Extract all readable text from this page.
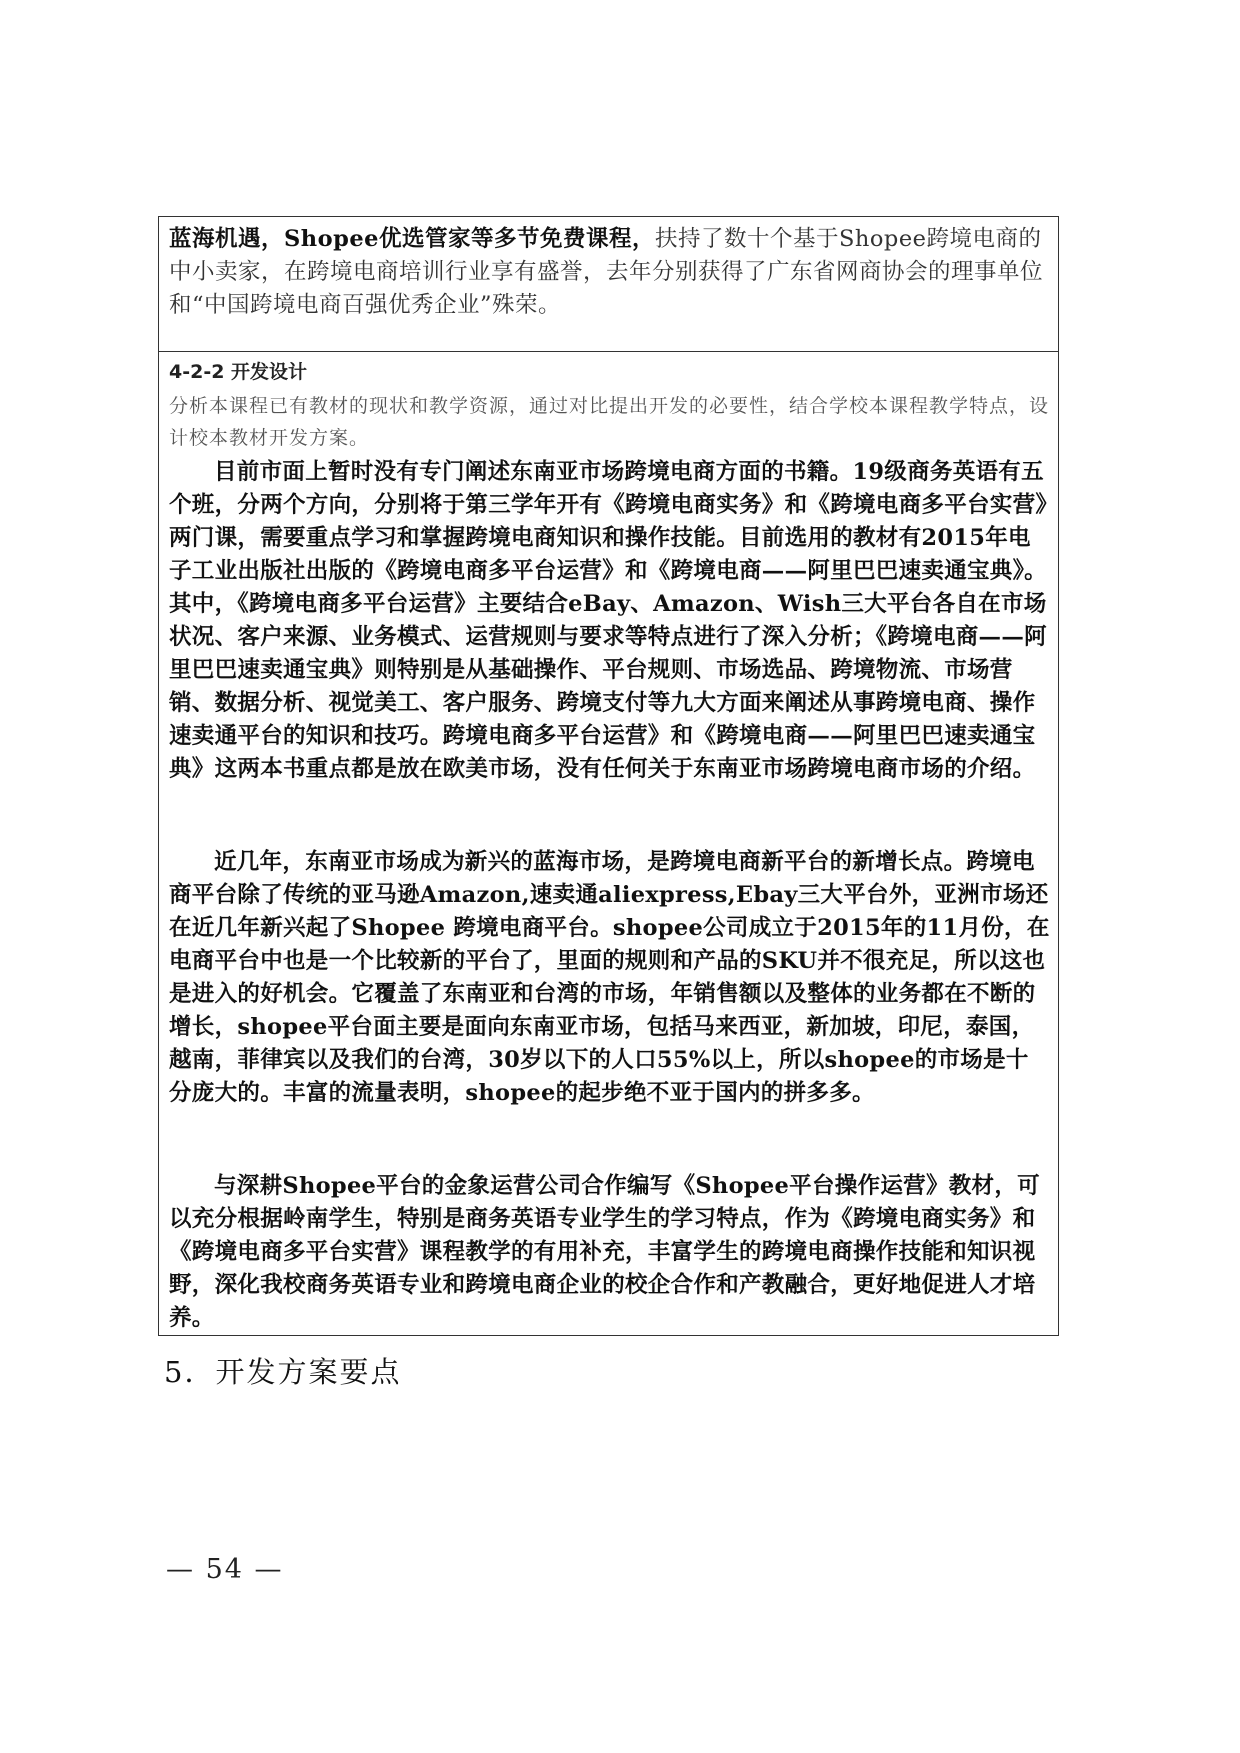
蓝海机遇，Shopee优选管家等多节免费课程，扶持了数十个基于Shopee跨境电商的中小卖家，在跨境电商培训行业享有盛誉，去年分别获得了广东省网商协会的理事单位和“中国跨境电商百强优秀企业”殊荣。
4-2-2 开发设计
分析本课程已有教材的现状和教学资源，通过对比提出开发的必要性，结合学校本课程教学特点，设计校本教材开发方案。
目前市面上暂时没有专门阐述东南亚市场跨境电商方面的书籍。19级商务英语有五个班，分两个方向，分别将于第三学年开有《跨境电商实务》和《跨境电商多平台实营》两门课，需要重点学习和掌握跨境电商知识和操作技能。目前选用的教材有2015年电子工业出版社出版的《跨境电商多平台运营》和《跨境电商——阿里巴巴速卖通宝典》。其中，《跨境电商多平台运营》主要结合eBay、Amazon、Wish三大平台各自在市场状况、客户来源、业务模式、运营规则与要求等特点进行了深入分析；《跨境电商——阿里巴巴速卖通宝典》则特别是从基础操作、平台规则、市场选品、跨境物流、市场营销、数据分析、视觉美工、客户服务、跨境支付等九大方面来阐述从事跨境电商、操作速卖通平台的知识和技巧。跨境电商多平台运营》和《跨境电商——阿里巴巴速卖通宝典》这两本书重点都是放在欧美市场，没有任何关于东南亚市场跨境电商市场的介绍。
近几年，东南亚市场成为新兴的蓝海市场，是跨境电商新平台的新增长点。跨境电商平台除了传统的亚马逊Amazon,速卖通aliexpress,Ebay三大平台外，亚洲市场还在近几年新兴起了Shopee 跨境电商平台。shopee公司成立于2015年的11月份，在电商平台中也是一个比较新的平台了，里面的规则和产品的SKU并不很充足，所以这也是进入的好机会。它覆盖了东南亚和台湾的市场，年销售额以及整体的业务都在不断的增长，shopee平台面主要是面向东南亚市场，包括马来西亚，新加坡，印尼，泰国，越南，菲律宾以及我们的台湾，30岁以下的人口55%以上，所以shopee的市场是十分庞大的。丰富的流量表明，shopee的起步绝不亚于国内的拼多多。
与深耕Shopee平台的金象运营公司合作编写《Shopee平台操作运营》教材，可以充分根据岭南学生，特别是商务英语专业学生的学习特点，作为《跨境电商实务》和《跨境电商多平台实营》课程教学的有用补充，丰富学生的跨境电商操作技能和知识视野，深化我校商务英语专业和跨境电商企业的校企合作和产教融合，更好地促进人才培养。
5．开发方案要点
— 54 —
